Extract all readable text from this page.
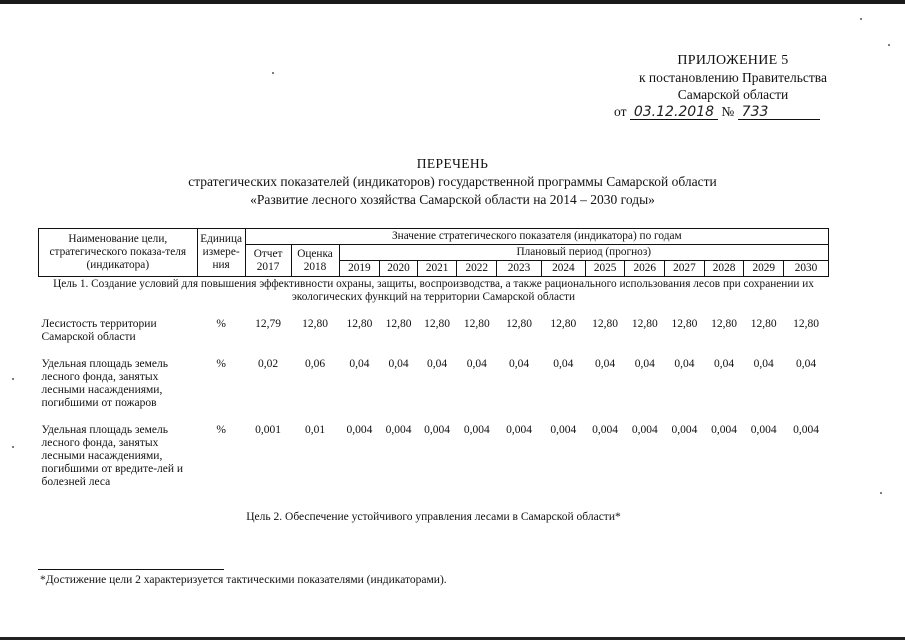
ПРИЛОЖЕНИЕ 5
к постановлению Правительства
Самарской области
от 03.12.2018 № 733
ПЕРЕЧЕНЬ
стратегических показателей (индикаторов) государственной программы Самарской области
«Развитие лесного хозяйства Самарской области на 2014 – 2030 годы»
Наименование цели, стратегического показа-теля (индикатора)	Единица измере-ния	Значение стратегического показателя (индикатора) по годам													
		Отчет 2017	Оценка 2018	Плановый период (прогноз)											
				2019	2020	2021	2022	2023	2024	2025	2026	2027	2028	2029	2030
Цель 1. Создание условий для повышения эффективности охраны, защиты, воспроизводства, а также рационального использования лесов при сохранении их экологических функций на территории Самарской области															
Лесистость территории Самарской области	%	12,79	12,80	12,80	12,80	12,80	12,80	12,80	12,80	12,80	12,80	12,80	12,80	12,80	12,80
Удельная площадь земель лесного фонда, занятых лесными насаждениями, погибшими от пожаров	%	0,02	0,06	0,04	0,04	0,04	0,04	0,04	0,04	0,04	0,04	0,04	0,04	0,04	0,04
Удельная площадь земель лесного фонда, занятых лесными насаждениями, погибшими от вредите-лей и болезней леса	%	0,001	0,01	0,004	0,004	0,004	0,004	0,004	0,004	0,004	0,004	0,004	0,004	0,004	0,004
Цель 2. Обеспечение устойчивого управления лесами в Самарской области*															
*Достижение цели 2 характеризуется тактическими показателями (индикаторами).
